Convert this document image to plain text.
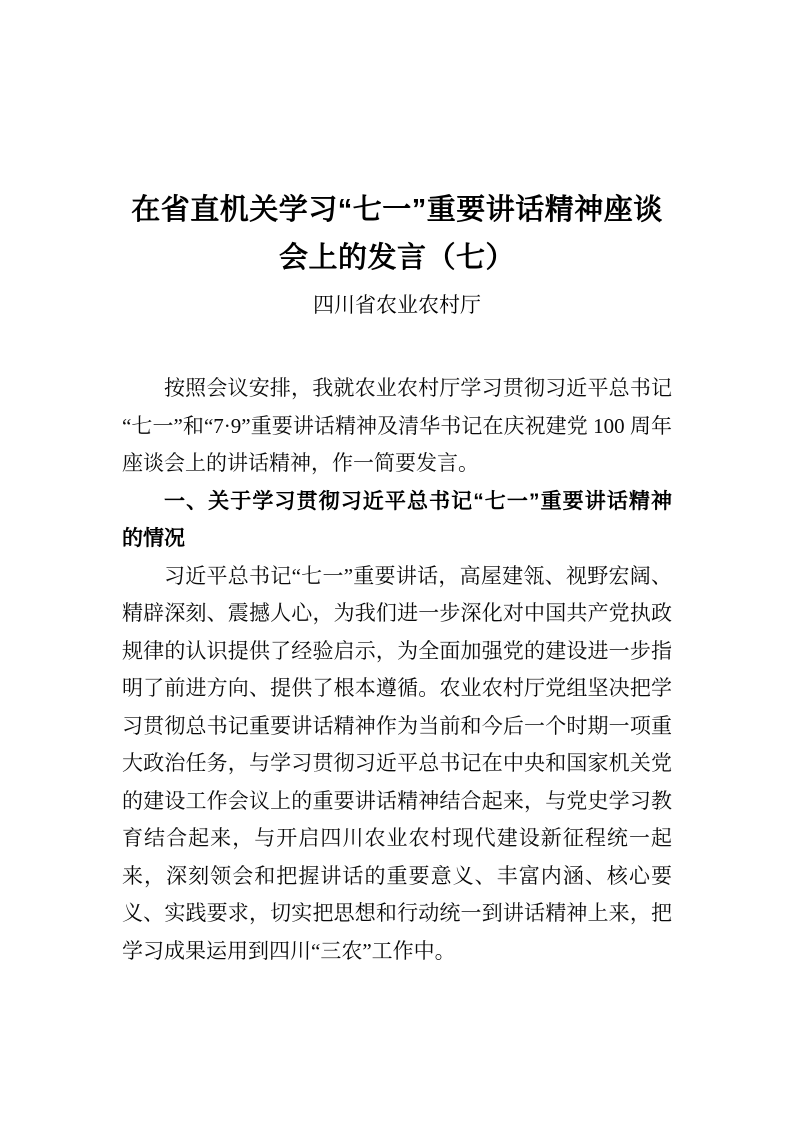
在省直机关学习“七一”重要讲话精神座谈会上的发言（七）
四川省农业农村厅

按照会议安排，我就农业农村厅学习贯彻习近平总书记“七一”和“7·9”重要讲话精神及清华书记在庆祝建党 100 周年座谈会上的讲话精神，作一简要发言。

一、关于学习贯彻习近平总书记“七一”重要讲话精神 的情况

习近平总书记“七一”重要讲话，高屋建瓴、视野宏阔、精辟深刻、震撼人心，为我们进一步深化对中国共产党执政规律的认识提供了经验启示，为全面加强党的建设进一步指明了前进方向、提供了根本遵循。农业农村厅党组坚决把学习贯彻总书记重要讲话精神作为当前和今后一个时期一项重大政治任务，与学习贯彻习近平总书记在中央和国家机关党的建设工作会议上的重要讲话精神结合起来，与党史学习教育结合起来，与开启四川农业农村现代建设新征程统一起来，深刻领会和把握讲话的重要意义、丰富内涵、核心要义、实践要求，切实把思想和行动统一到讲话精神上来，把学习成果运用到四川“三农”工作中。
